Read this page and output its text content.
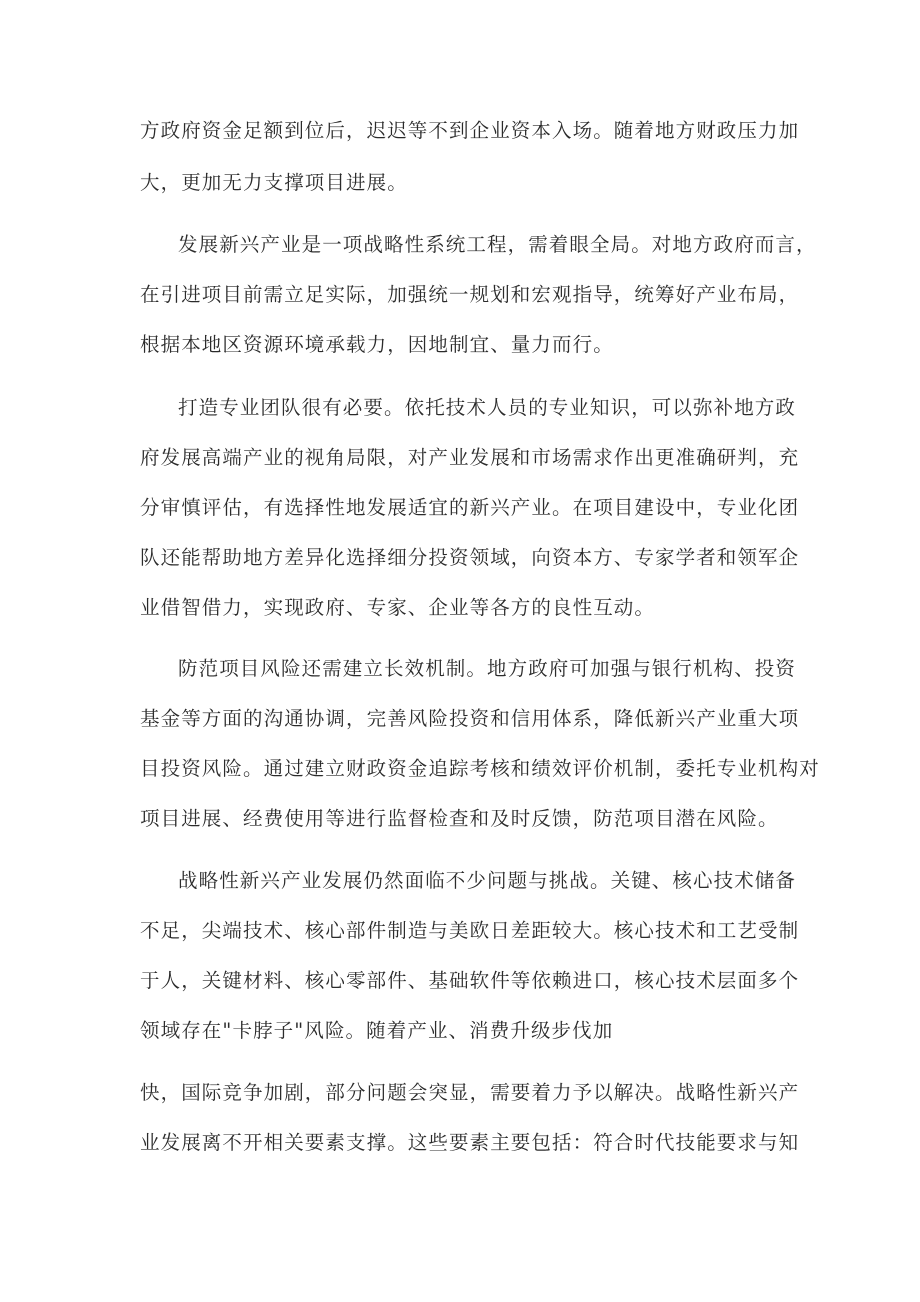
方政府资金足额到位后，迟迟等不到企业资本入场。随着地方财政压力加
大，更加无力支撑项目进展。
发展新兴产业是一项战略性系统工程，需着眼全局。对地方政府而言，
在引进项目前需立足实际，加强统一规划和宏观指导，统筹好产业布局，
根据本地区资源环境承载力，因地制宜、量力而行。
打造专业团队很有必要。依托技术人员的专业知识，可以弥补地方政
府发展高端产业的视角局限，对产业发展和市场需求作出更准确研判，充
分审慎评估，有选择性地发展适宜的新兴产业。在项目建设中，专业化团
队还能帮助地方差异化选择细分投资领域，向资本方、专家学者和领军企
业借智借力，实现政府、专家、企业等各方的良性互动。
防范项目风险还需建立长效机制。地方政府可加强与银行机构、投资
基金等方面的沟通协调，完善风险投资和信用体系，降低新兴产业重大项
目投资风险。通过建立财政资金追踪考核和绩效评价机制，委托专业机构对
项目进展、经费使用等进行监督检查和及时反馈，防范项目潜在风险。
战略性新兴产业发展仍然面临不少问题与挑战。关键、核心技术储备
不足，尖端技术、核心部件制造与美欧日差距较大。核心技术和工艺受制
于人，关键材料、核心零部件、基础软件等依赖进口，核心技术层面多个
领域存在"卡脖子"风险。随着产业、消费升级步伐加
快，国际竞争加剧，部分问题会突显，需要着力予以解决。战略性新兴产
业发展离不开相关要素支撑。这些要素主要包括：符合时代技能要求与知
